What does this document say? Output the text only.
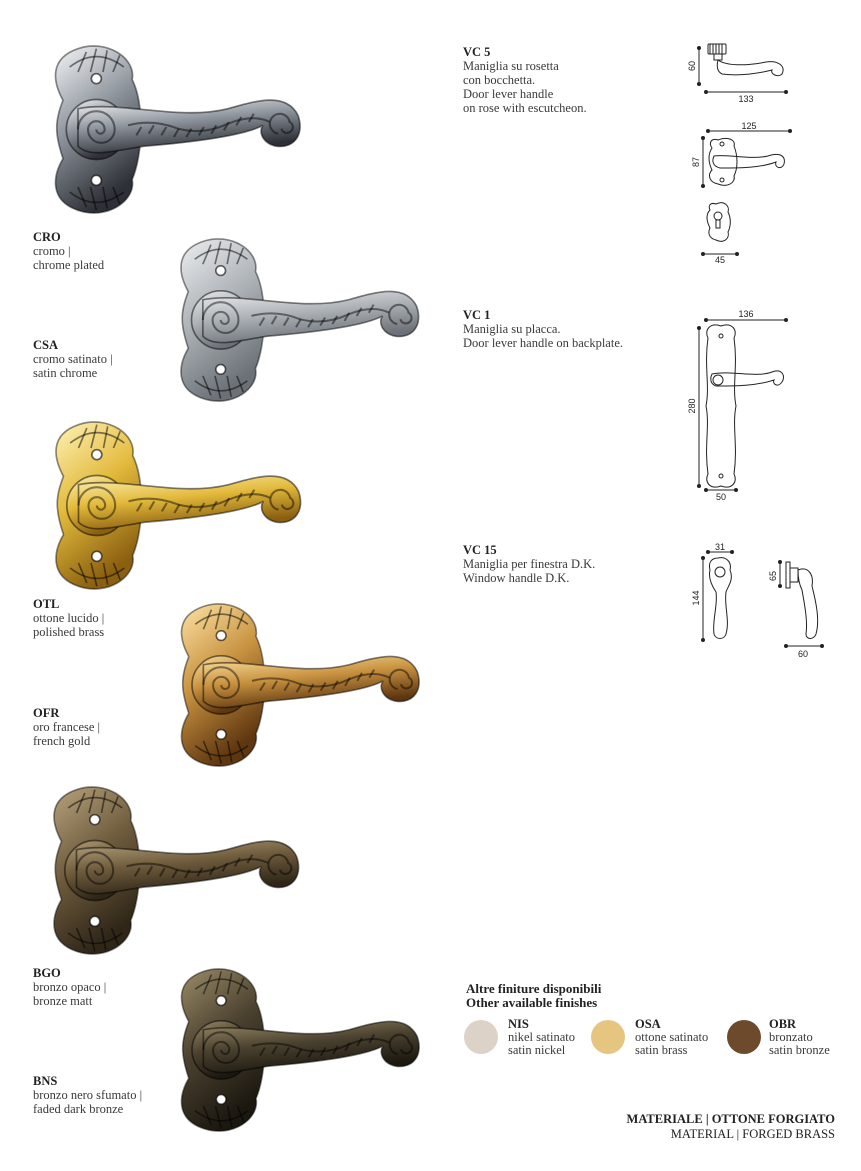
CRO
cromo |
chrome plated
CSA
cromo satinato |
satin chrome
OTL
ottone lucido |
polished brass
OFR
oro francese |
french gold
BGO
bronzo opaco |
bronze matt
BNS
bronzo nero sfumato |
faded dark bronze
VC 5
Maniglia su rosetta
con bocchetta.
Door lever handle
on rose with escutcheon.
VC 1
Maniglia su placca.
Door lever handle on backplate.
VC 15
Maniglia per finestra D.K.
Window handle D.K.
60
133
125
87
45
136
280
50
31
144
65
60
Altre finiture disponibili
Other available finishes
NIS
nikel satinato
satin nickel
OSA
ottone satinato
satin brass
OBR
bronzato
satin bronze
MATERIALE | OTTONE FORGIATO
MATERIAL | FORGED BRASS
